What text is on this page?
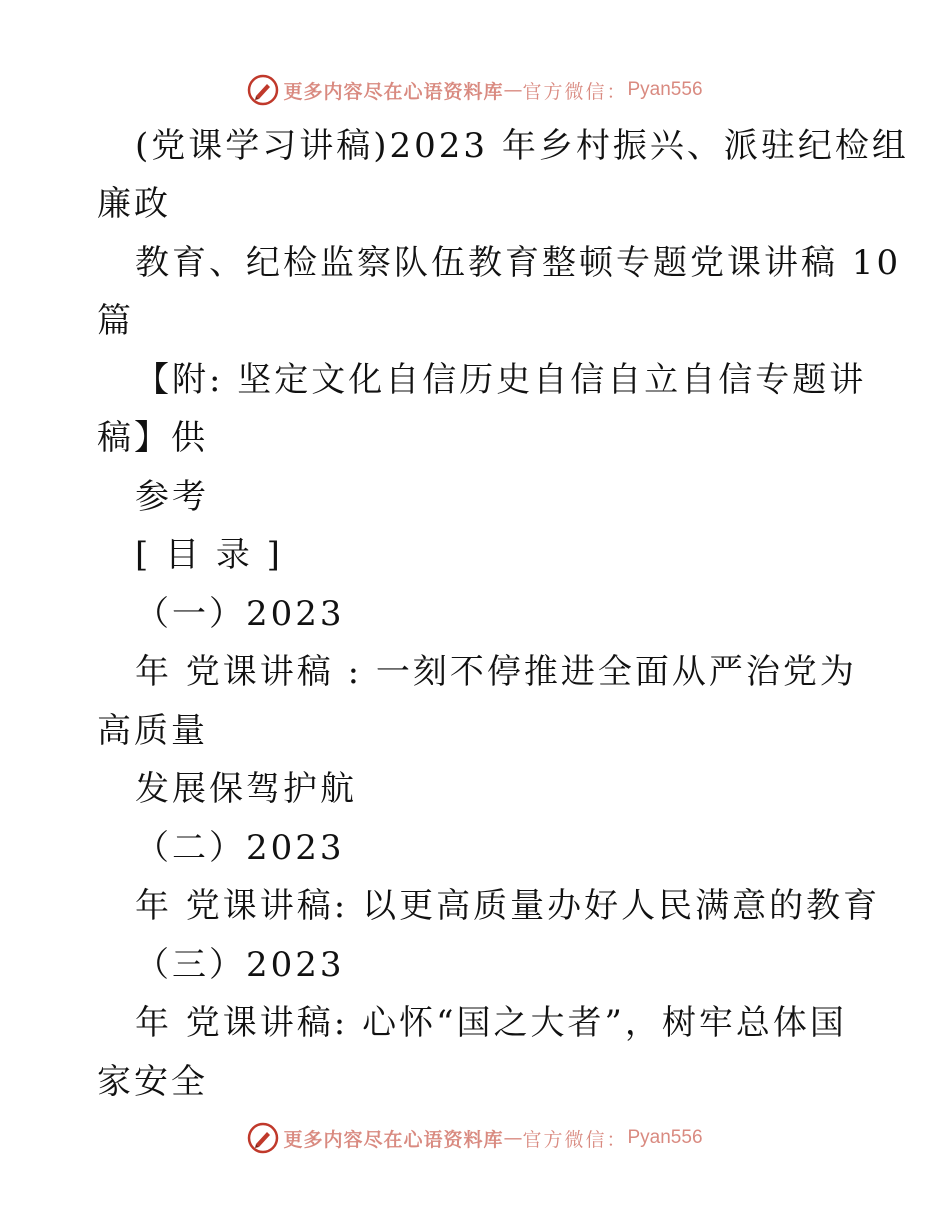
更多内容尽在心语资料库 — 官方微信： Pyan556
(党课学习讲稿)2023 年乡村振兴、派驻纪检组
廉政
教育、纪检监察队伍教育整顿专题党课讲稿 10
篇
【附: 坚定文化自信历史自信自立自信专题讲
稿】供
参考
[ 目 录 ]
（一）2023
年 党课讲稿 : 一刻不停推进全面从严治党为
高质量
发展保驾护航
（二）2023
年 党课讲稿: 以更高质量办好人民满意的教育
（三）2023
年 党课讲稿: 心怀“国之大者”，树牢总体国
家安全
更多内容尽在心语资料库 — 官方微信： Pyan556
